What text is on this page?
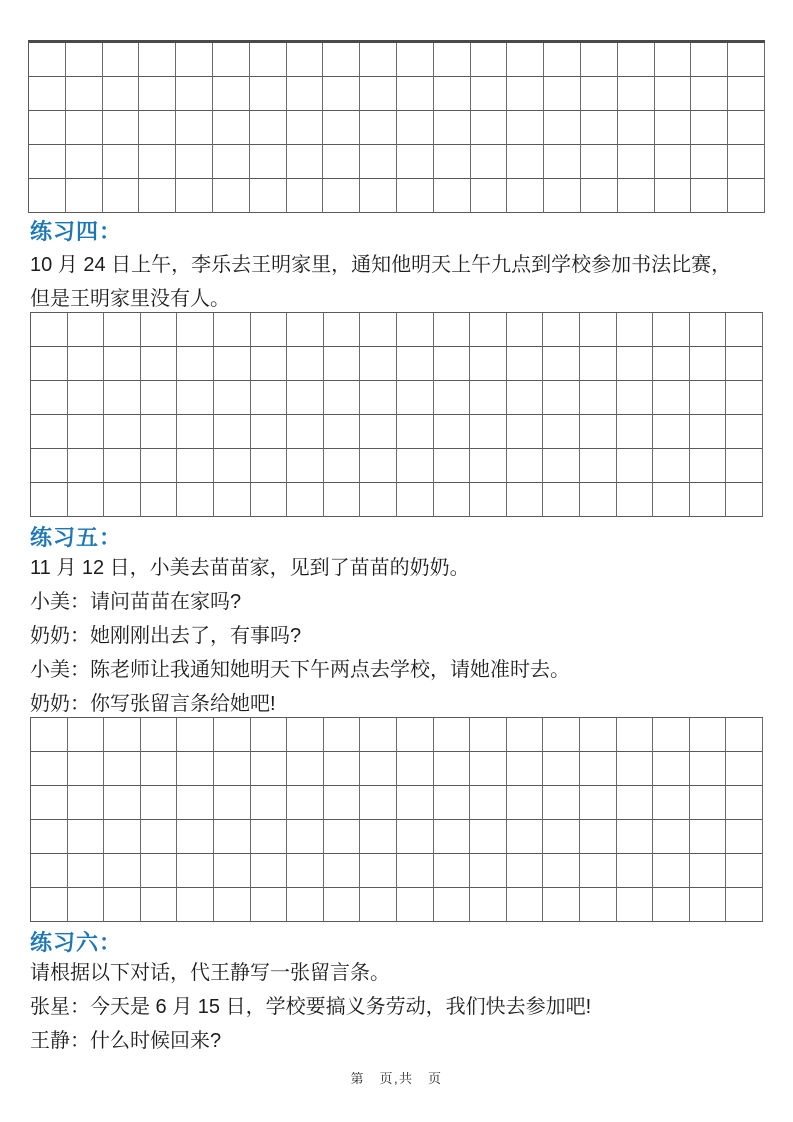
练习四：
10 月 24 日上午，李乐去王明家里，通知他明天上午九点到学校参加书法比赛，
但是王明家里没有人。
练习五：
11 月 12 日，小美去苗苗家，见到了苗苗的奶奶。
小美：请问苗苗在家吗?
奶奶：她刚刚出去了，有事吗?
小美：陈老师让我通知她明天下午两点去学校，请她准时去。
奶奶：你写张留言条给她吧!
练习六：
请根据以下对话，代王静写一张留言条。
张星：今天是 6 月 15 日，学校要搞义务劳动，我们快去参加吧!
王静：什么时候回来?
第　页,共　页
